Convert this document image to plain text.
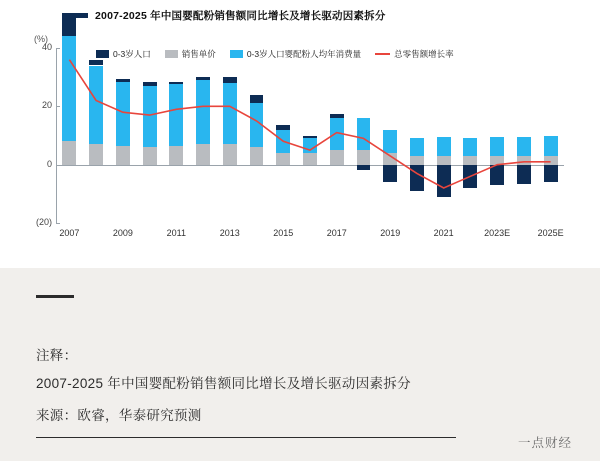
2007-2025 年中国婴配粉销售额同比增长及增长驱动因素拆分
(%)
0-3岁人口	销售单价	0-3岁人口婴配粉人均年消费量	总零售额增长率
40
20
0
(20)
2007	2009	2011	2013	2015	2017	2019	2021	2023E	2025E
注释：
2007-2025 年中国婴配粉销售额同比增长及增长驱动因素拆分
来源：欧睿，华泰研究预测
一点财经
